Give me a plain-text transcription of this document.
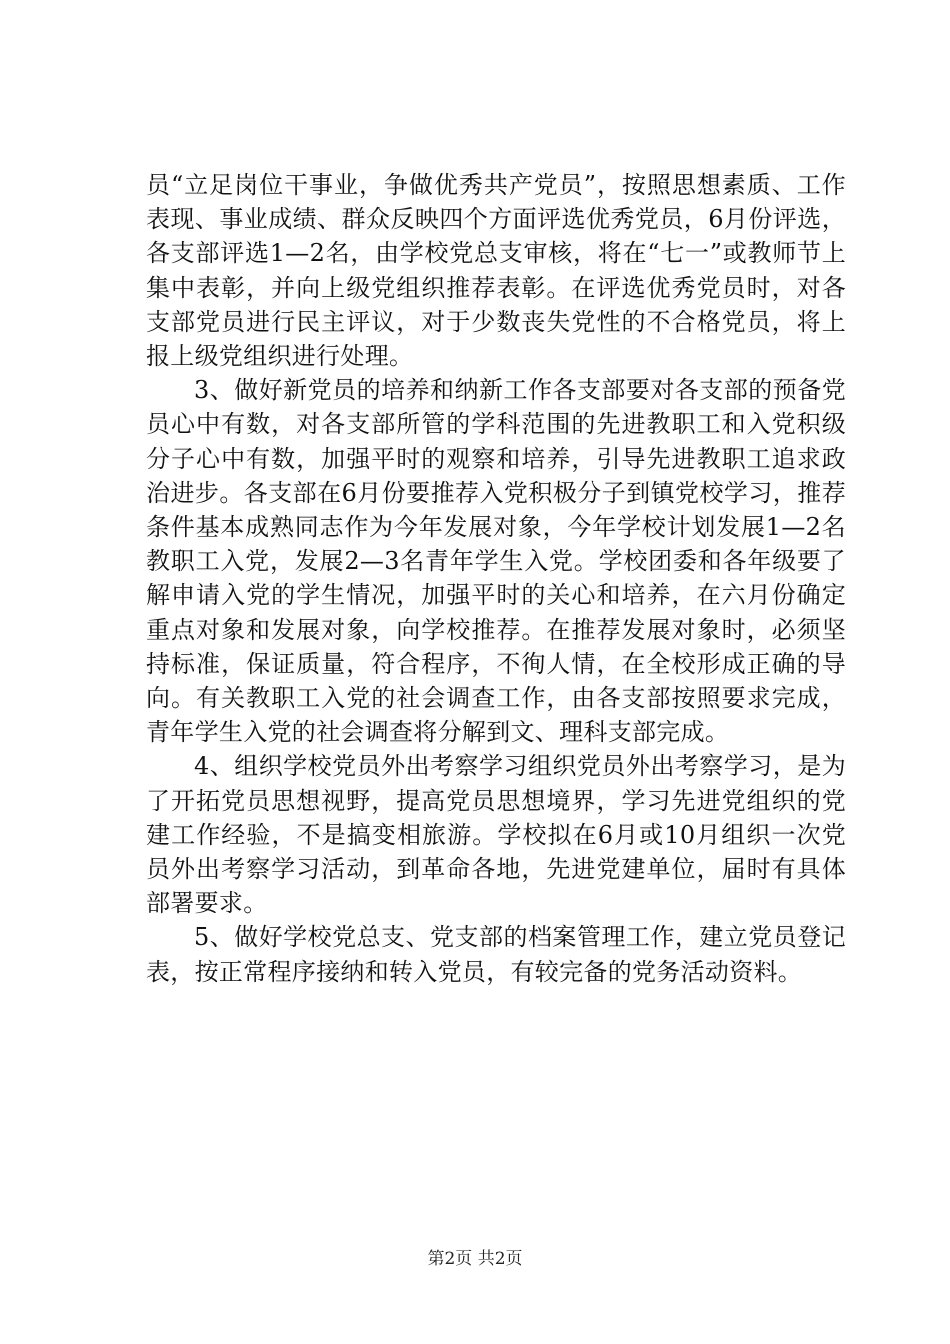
员“立足岗位干事业，争做优秀共产党员”，按照思想素质、工作表现、事业成绩、群众反映四个方面评选优秀党员，6月份评选，各支部评选1—2名，由学校党总支审核，将在“七一”或教师节上集中表彰，并向上级党组织推荐表彰。在评选优秀党员时，对各支部党员进行民主评议，对于少数丧失党性的不合格党员，将上报上级党组织进行处理。

3、做好新党员的培养和纳新工作各支部要对各支部的预备党员心中有数，对各支部所管的学科范围的先进教职工和入党积级分子心中有数，加强平时的观察和培养，引导先进教职工追求政治进步。各支部在6月份要推荐入党积极分子到镇党校学习，推荐条件基本成熟同志作为今年发展对象，今年学校计划发展1—2名教职工入党，发展2—3名青年学生入党。学校团委和各年级要了解申请入党的学生情况，加强平时的关心和培养，在六月份确定重点对象和发展对象，向学校推荐。在推荐发展对象时，必须坚持标准，保证质量，符合程序，不徇人情，在全校形成正确的导向。有关教职工入党的社会调查工作，由各支部按照要求完成，青年学生入党的社会调查将分解到文、理科支部完成。

4、组织学校党员外出考察学习组织党员外出考察学习，是为了开拓党员思想视野，提高党员思想境界，学习先进党组织的党建工作经验，不是搞变相旅游。学校拟在6月或10月组织一次党员外出考察学习活动，到革命各地，先进党建单位，届时有具体部署要求。

5、做好学校党总支、党支部的档案管理工作，建立党员登记表，按正常程序接纳和转入党员，有较完备的党务活动资料。

第2页 共2页
